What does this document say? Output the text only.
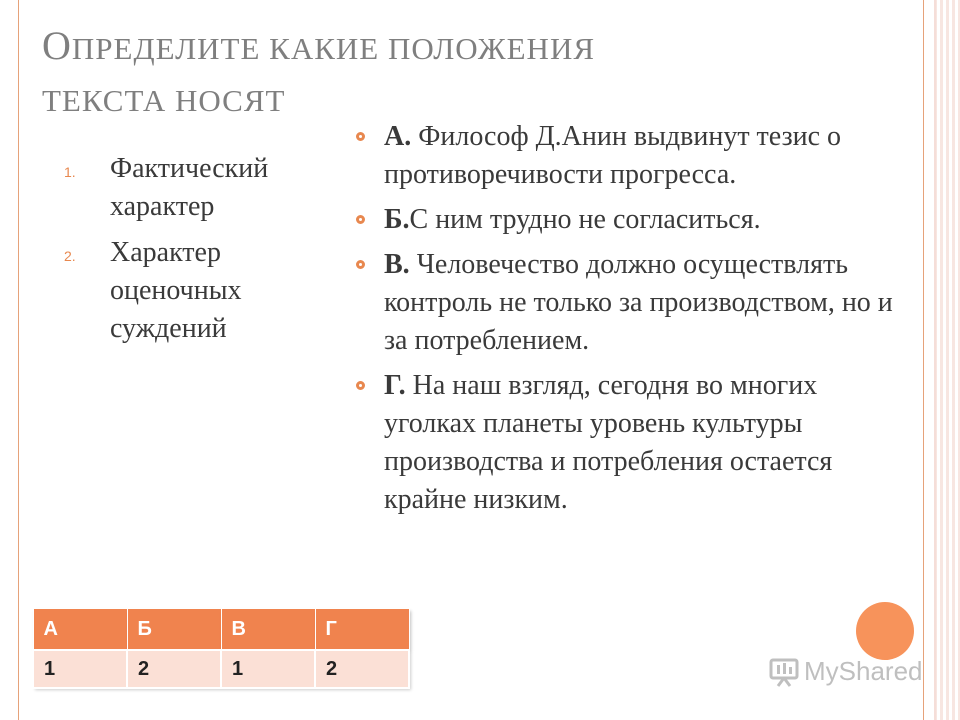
ОПРЕДЕЛИТЕ КАКИЕ ПОЛОЖЕНИЯ
ТЕКСТА НОСЯТ
1. Фактический характер
2. Характер оценочных суждений
А. Философ Д.Анин выдвинут тезис о противоречивости прогресса.
Б.С ним трудно не согласиться.
В. Человечество должно осуществлять контроль не только за производством, но и за потреблением.
Г. На наш взгляд, сегодня во многих уголках планеты уровень культуры производства и потребления остается крайне низким.
А	Б	В	Г
1	2	1	2	MyShared
